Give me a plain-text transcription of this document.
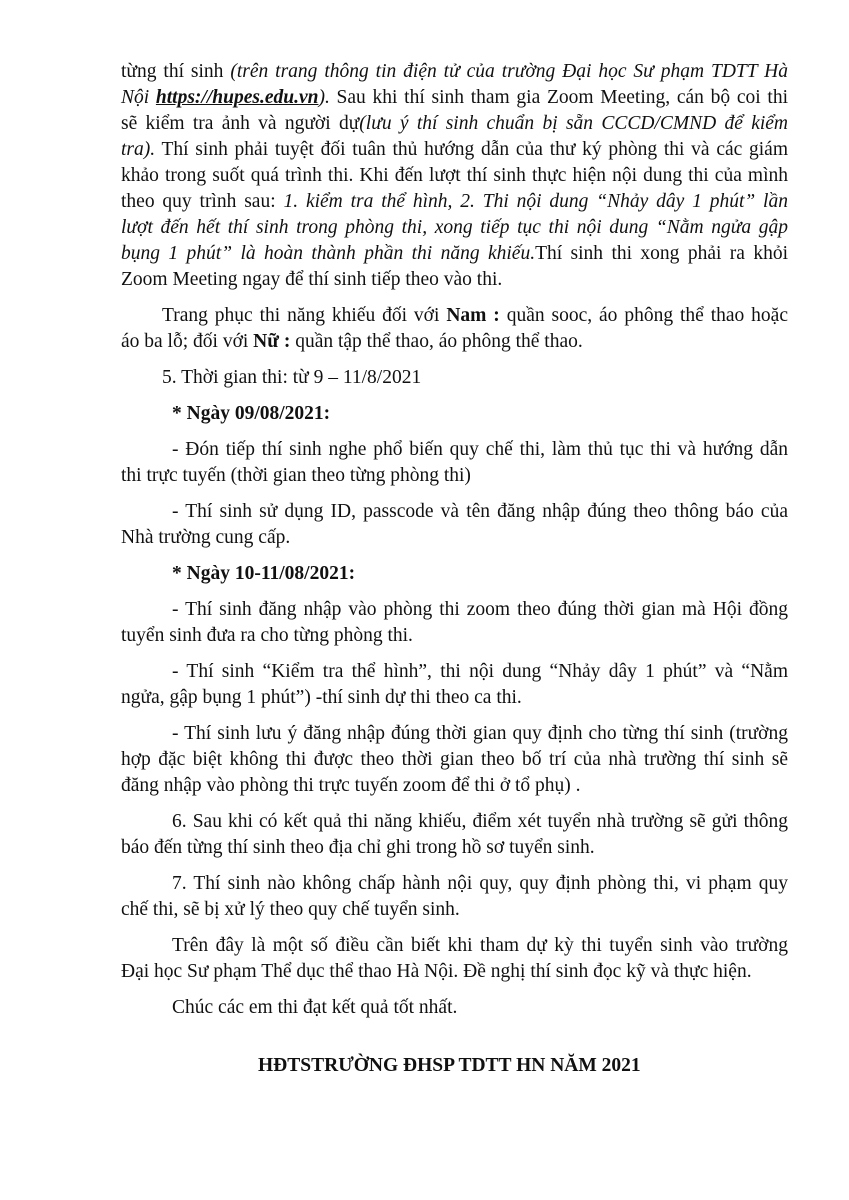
từng thí sinh (trên trang thông tin điện tử của trường Đại học Sư phạm TDTT Hà
Nội https://hupes.edu.vn). Sau khi thí sinh tham gia Zoom Meeting, cán bộ coi thi
sẽ kiểm tra ảnh và người dự(lưu ý thí sinh chuẩn bị sẵn CCCD/CMND để kiểm
tra). Thí sinh phải tuyệt đối tuân thủ hướng dẫn của thư ký phòng thi và các giám
khảo trong suốt quá trình thi. Khi đến lượt thí sinh thực hiện nội dung thi của mình
theo quy trình sau: 1. kiểm tra thể hình, 2. Thi nội dung “Nhảy dây 1 phút” lần
lượt đến hết thí sinh trong phòng thi, xong tiếp tục thi nội dung “Nằm ngửa gập
bụng 1 phút” là hoàn thành phần thi năng khiếu.Thí sinh thi xong phải ra khỏi
Zoom Meeting ngay để thí sinh tiếp theo vào thi.
Trang phục thi năng khiếu đối với Nam : quần sooc, áo phông thể thao hoặc
áo ba lỗ; đối với Nữ : quần tập thể thao, áo phông thể thao.
5. Thời gian thi: từ 9 – 11/8/2021
* Ngày 09/08/2021:
- Đón tiếp thí sinh nghe phổ biến quy chế thi, làm thủ tục thi và hướng dẫn
thi trực tuyến (thời gian theo từng phòng thi)
- Thí sinh sử dụng ID, passcode và tên đăng nhập đúng theo thông báo của
Nhà trường cung cấp.
* Ngày 10-11/08/2021:
- Thí sinh đăng nhập vào phòng thi zoom theo đúng thời gian mà Hội đồng
tuyển sinh đưa ra cho từng phòng thi.
- Thí sinh “Kiểm tra thể hình”, thi nội dung “Nhảy dây 1 phút” và “Nằm
ngửa, gập bụng 1 phút”) -thí sinh dự thi theo ca thi.
- Thí sinh lưu ý đăng nhập đúng thời gian quy định cho từng thí sinh (trường
hợp đặc biệt không thi được theo thời gian theo bố trí của nhà trường thí sinh sẽ
đăng nhập vào phòng thi trực tuyến zoom để thi ở tổ phụ) .
6. Sau khi có kết quả thi năng khiếu, điểm xét tuyển nhà trường sẽ gửi thông
báo đến từng thí sinh theo địa chỉ ghi trong hồ sơ tuyển sinh.
7. Thí sinh nào không chấp hành nội quy, quy định phòng thi, vi phạm quy
chế thi, sẽ bị xử lý theo quy chế tuyển sinh.
Trên đây là một số điều cần biết khi tham dự kỳ thi tuyển sinh vào trường
Đại học Sư phạm Thể dục thể thao Hà Nội. Đề nghị thí sinh đọc kỹ và thực hiện.
Chúc các em thi đạt kết quả tốt nhất.
HĐTSTRƯỜNG ĐHSP TDTT HN NĂM 2021
